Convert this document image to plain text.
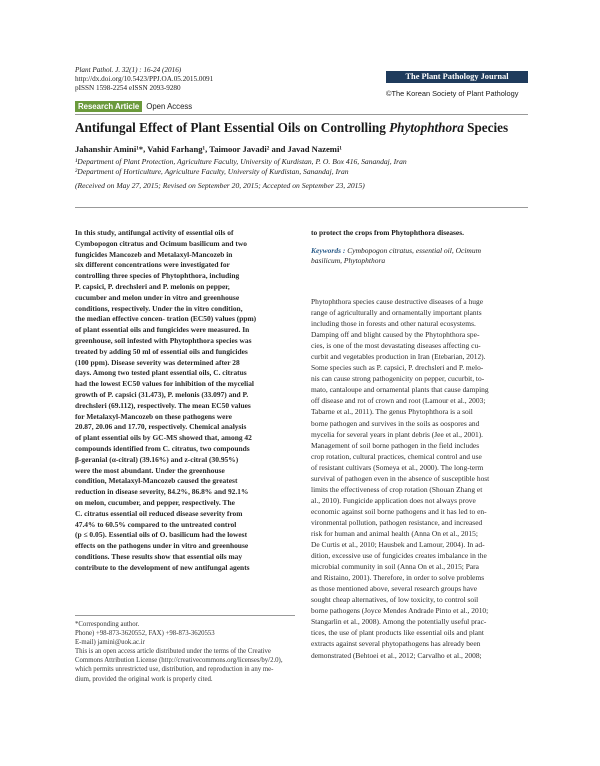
Plant Pathol. J. 32(1) : 16-24 (2016)
http://dx.doi.org/10.5423/PPJ.OA.05.2015.0091
pISSN 1598-2254 eISSN 2093-9280
Research Article Open Access
The Plant Pathology Journal
©The Korean Society of Plant Pathology
Antifungal Effect of Plant Essential Oils on Controlling Phytophthora Species
Jahanshir Amini¹*, Vahid Farhang¹, Taimoor Javadi² and Javad Nazemi¹
¹Department of Plant Protection, Agriculture Faculty, University of Kurdistan, P. O. Box 416, Sanandaj, Iran
²Department of Horticulture, Agriculture Faculty, University of Kurdistan, Sanandaj, Iran
(Received on May 27, 2015; Revised on September 20, 2015; Accepted on September 23, 2015)
In this study, antifungal activity of essential oils of
Cymbopogon citratus and Ocimum basilicum and two
fungicides Mancozeb and Metalaxyl-Mancozeb in
six different concentrations were investigated for
controlling three species of Phytophthora, including
P. capsici, P. drechsleri and P. melonis on pepper,
cucumber and melon under in vitro and greenhouse
conditions, respectively. Under the in vitro condition,
the median effective concen- tration (EC50) values (ppm)
of plant essential oils and fungicides were measured. In
greenhouse, soil infested with Phytophthora species was
treated by adding 50 ml of essential oils and fungicides
(100 ppm). Disease severity was determined after 28
days. Among two tested plant essential oils, C. citratus
had the lowest EC50 values for inhibition of the mycelial
growth of P. capsici (31.473), P. melonis (33.097) and P.
drechsleri (69.112), respectively. The mean EC50 values
for Metalaxyl-Mancozeb on these pathogens were
20.87, 20.06 and 17.70, respectively. Chemical analysis
of plant essential oils by GC-MS showed that, among 42
compounds identified from C. citratus, two compounds
β-geranial (α-citral) (39.16%) and z-citral (30.95%)
were the most abundant. Under the greenhouse
condition, Metalaxyl-Mancozeb caused the greatest
reduction in disease severity, 84.2%, 86.8% and 92.1%
on melon, cucumber, and pepper, respectively. The
C. citratus essential oil reduced disease severity from
47.4% to 60.5% compared to the untreated control
(p ≤ 0.05). Essential oils of O. basilicum had the lowest
effects on the pathogens under in vitro and greenhouse
conditions. These results show that essential oils may
contribute to the development of new antifungal agents
to protect the crops from Phytophthora diseases.
Keywords : Cymbopogon citratus, essential oil, Ocimum
basilicum, Phytophthora
Phytophthora species cause destructive diseases of a huge
range of agriculturally and ornamentally important plants
including those in forests and other natural ecosystems.
Damping off and blight caused by the Phytophthora spe-
cies, is one of the most devastating diseases affecting cu-
curbit and vegetables production in Iran (Etebarian, 2012).
Some species such as P. capsici, P. drechsleri and P. melo-
nis can cause strong pathogenicity on pepper, cucurbit, to-
mato, cantaloupe and ornamental plants that cause damping
off disease and rot of crown and root (Lamour et al., 2003;
Tabarne et al., 2011). The genus Phytophthora is a soil
borne pathogen and survives in the soils as oospores and
mycelia for several years in plant debris (Jee et al., 2001).
Management of soil borne pathogen in the field includes
crop rotation, cultural practices, chemical control and use
of resistant cultivars (Someya et al., 2000). The long-term
survival of pathogen even in the absence of susceptible host
limits the effectiveness of crop rotation (Shouan Zhang et
al., 2010). Fungicide application does not always prove
economic against soil borne pathogens and it has led to en-
vironmental pollution, pathogen resistance, and increased
risk for human and animal health (Anna On et al., 2015;
De Curtis et al., 2010; Hausbek and Lamour, 2004). In ad-
dition, excessive use of fungicides creates imbalance in the
microbial community in soil (Anna On et al., 2015; Para
and Ristaino, 2001). Therefore, in order to solve problems
as those mentioned above, several research groups have
sought cheap alternatives, of low toxicity, to control soil
borne pathogens (Joyce Mendes Andrade Pinto et al., 2010;
Stangarlin et al., 2008). Among the potentially useful prac-
tices, the use of plant products like essential oils and plant
extracts against several phytopathogens has already been
demonstrated (Behtoei et al., 2012; Carvalho et al., 2008;
*Corresponding author.
Phone) +98-873-3620552, FAX) +98-873-3620553
E-mail) jamini@uok.ac.ir
This is an open access article distributed under the terms of the Creative
Commons Attribution License (http://creativecommons.org/licenses/by/2.0),
which permits unrestricted use, distribution, and reproduction in any me-
dium, provided the original work is properly cited.
